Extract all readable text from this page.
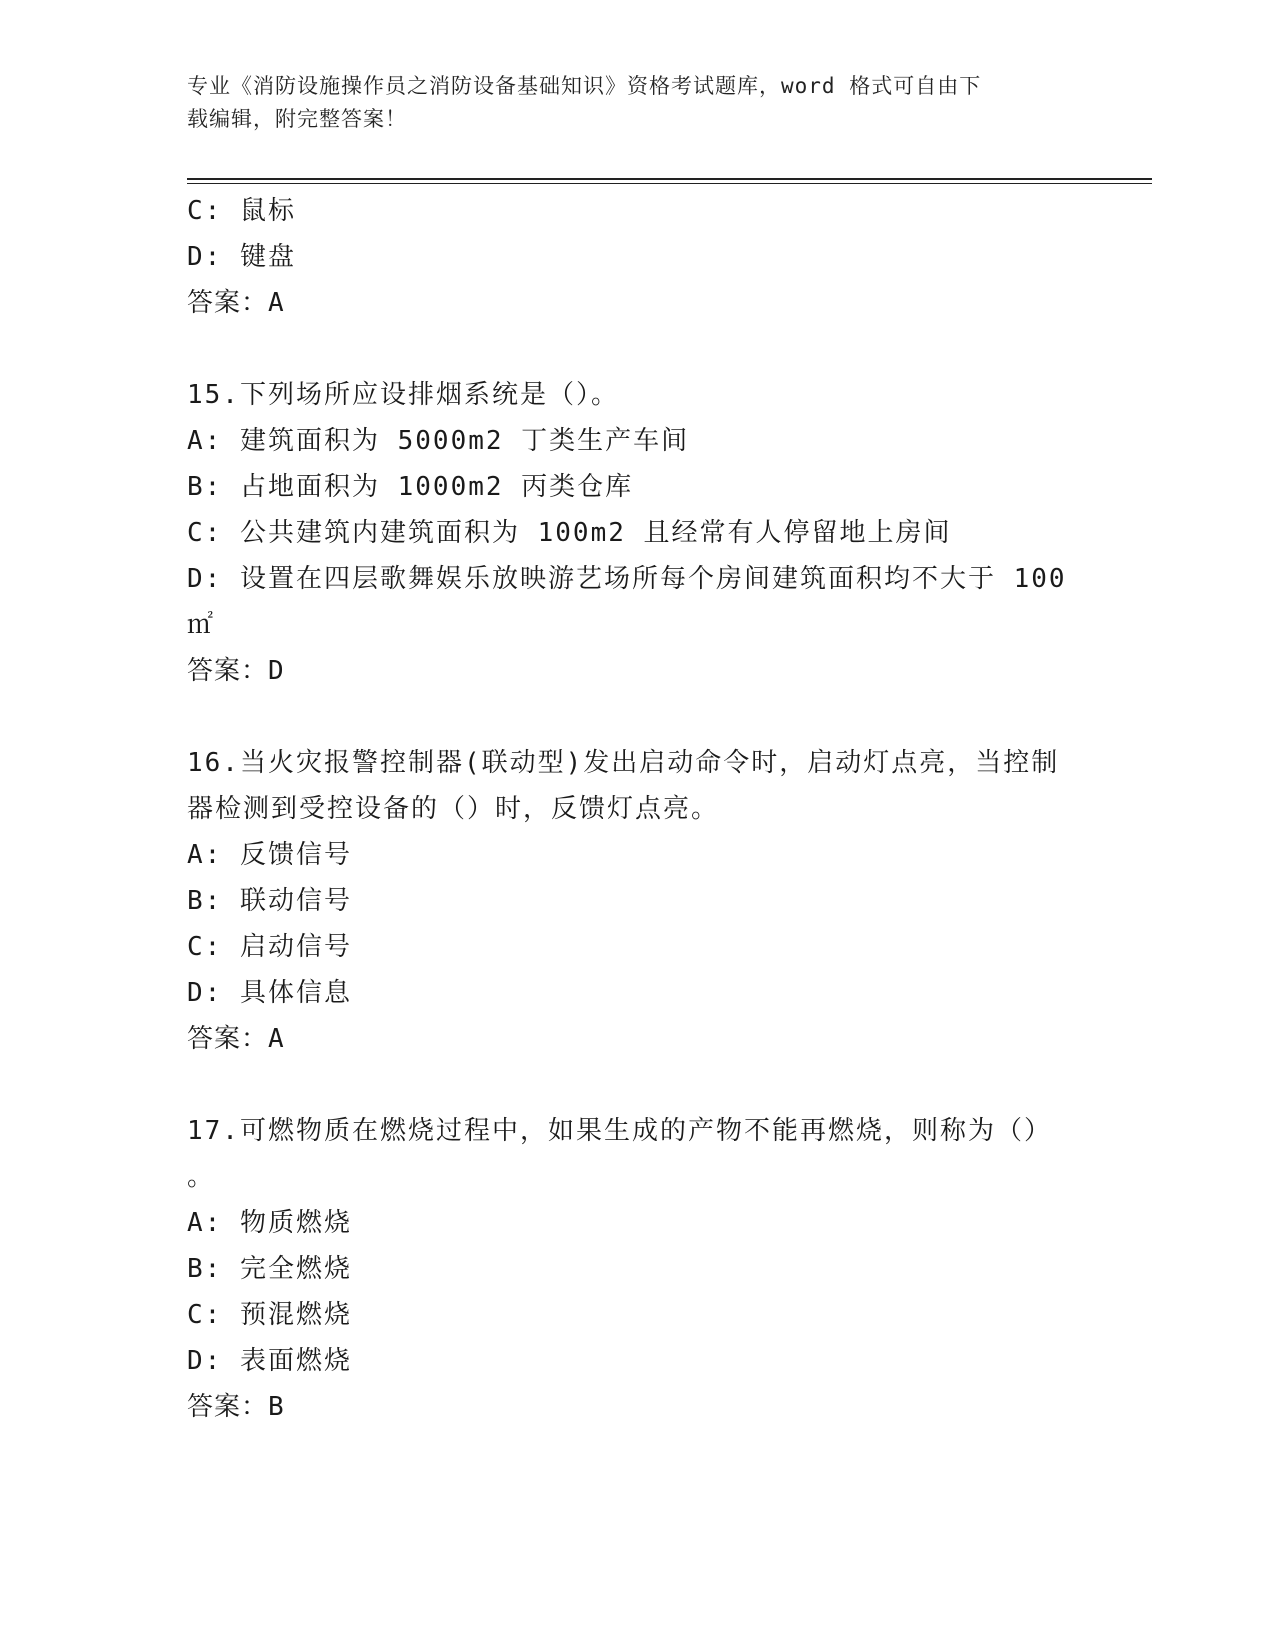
专业《消防设施操作员之消防设备基础知识》资格考试题库，word 格式可自由下
载编辑，附完整答案！
C: 鼠标
D: 键盘
答案：A
15.下列场所应设排烟系统是（）。
A: 建筑面积为 5000m2 丁类生产车间
B: 占地面积为 1000m2 丙类仓库
C: 公共建筑内建筑面积为 100m2 且经常有人停留地上房间
D: 设置在四层歌舞娱乐放映游艺场所每个房间建筑面积均不大于 100
㎡
答案：D
16.当火灾报警控制器(联动型)发出启动命令时，启动灯点亮，当控制
器检测到受控设备的（）时，反馈灯点亮。
A: 反馈信号
B: 联动信号
C: 启动信号
D: 具体信息
答案：A
17.可燃物质在燃烧过程中，如果生成的产物不能再燃烧，则称为（）
。
A: 物质燃烧
B: 完全燃烧
C: 预混燃烧
D: 表面燃烧
答案：B
